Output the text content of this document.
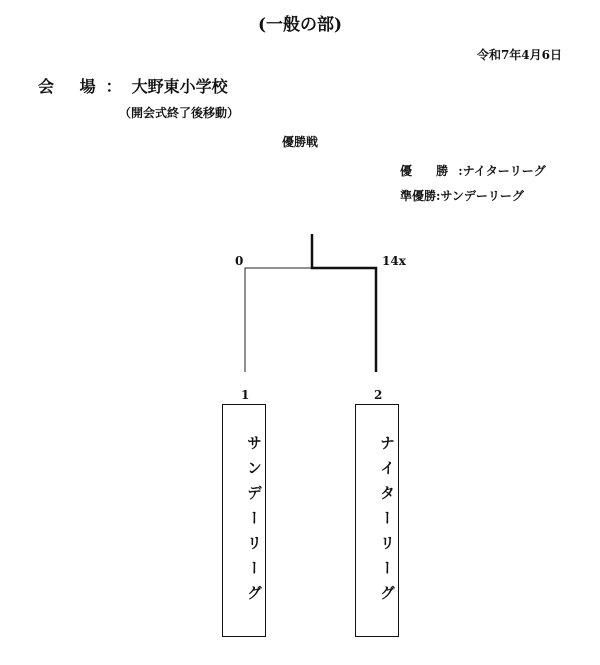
(一般の部)
令和7年4月6日
会 場： 大野東小学校
（開会式終了後移動）
優勝戦
優 勝:ナイターリーグ
準優勝:サンデーリーグ
0	14x
1	2
サンデーリーグ	ナイターリーグ
